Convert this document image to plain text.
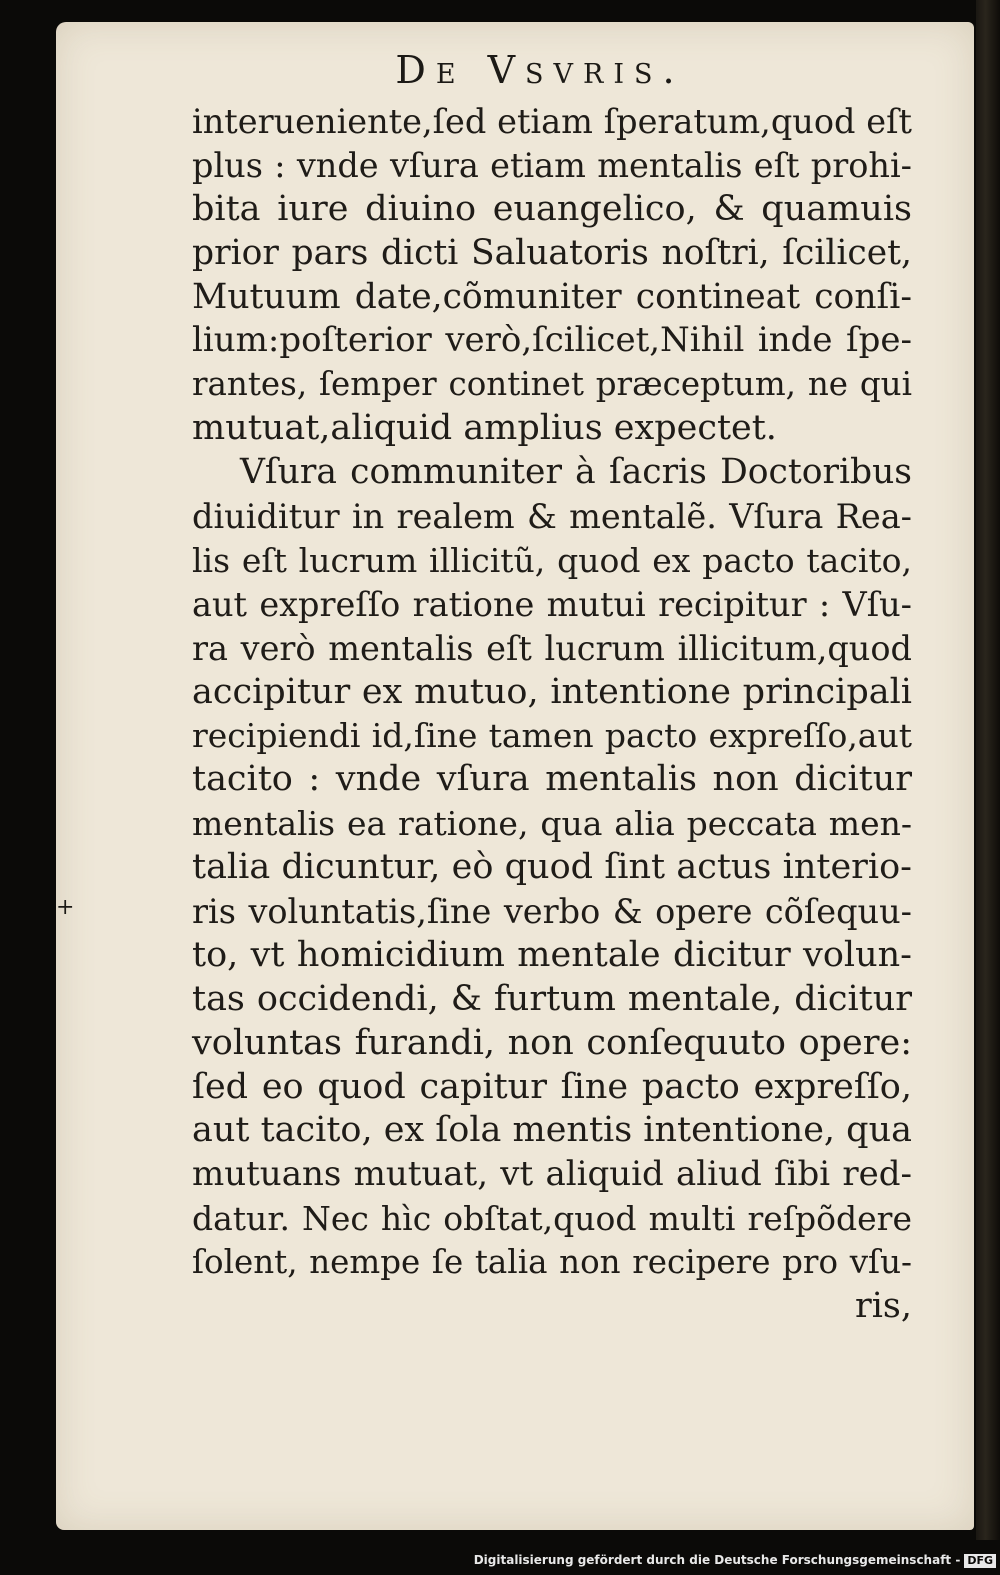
De Vsvris.
interueniente,ſed etiam ſperatum,quod eſt
plus : vnde vſura etiam mentalis eſt prohi-
bita iure diuino euangelico, & quamuis
prior pars dicti Saluatoris noſtri, ſcilicet,
Mutuum date,cõmuniter contineat conſi-
lium:poſterior verò,ſcilicet,Nihil inde ſpe-
rantes, ſemper continet præceptum, ne qui
mutuat,aliquid amplius expectet.
Vſura communiter à ſacris Doctoribus
diuiditur in realem & mentalẽ. Vſura Rea-
lis eſt lucrum illicitũ, quod ex pacto tacito,
aut expreſſo ratione mutui recipitur : Vſu-
ra verò mentalis eſt lucrum illicitum,quod
accipitur ex mutuo, intentione principali
recipiendi id,ſine tamen pacto expreſſo,aut
tacito : vnde vſura mentalis non dicitur
mentalis ea ratione, qua alia peccata men-
talia dicuntur, eò quod ſint actus interio-
ris voluntatis,ſine verbo & opere cõſequu-
to, vt homicidium mentale dicitur volun-
tas occidendi, & furtum mentale, dicitur
voluntas furandi, non conſequuto opere:
ſed eo quod capitur ſine pacto expreſſo,
aut tacito, ex ſola mentis intentione, qua
mutuans mutuat, vt aliquid aliud ſibi red-
datur. Nec hìc obſtat,quod multi reſpõdere
ſolent, nempe ſe talia non recipere pro vſu-
ris,
+
Digitalisierung gefördert durch die Deutsche Forschungsgemeinschaft - DFG
